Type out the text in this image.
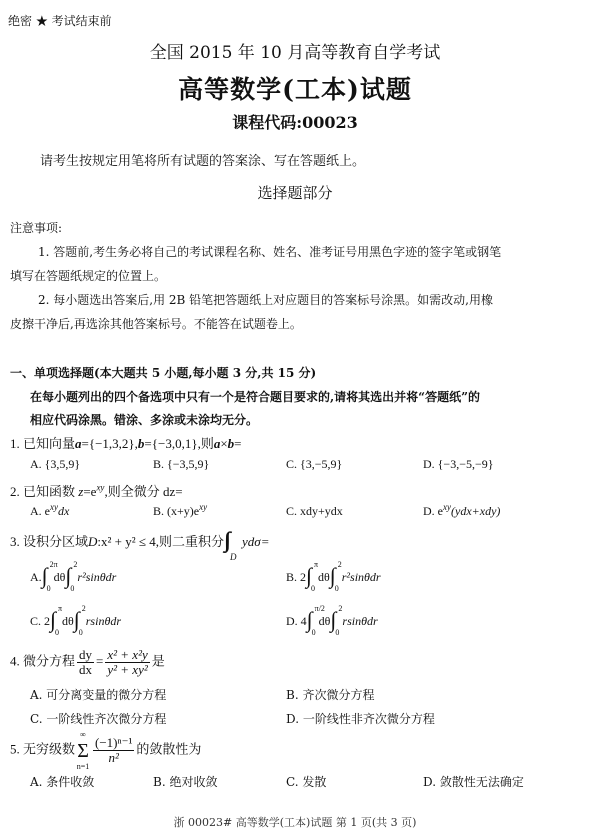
绝密 ★ 考试结束前
全国 2015 年 10 月高等教育自学考试
高等数学(工本)试题
课程代码:00023
请考生按规定用笔将所有试题的答案涂、写在答题纸上。
选择题部分
注意事项:
1. 答题前,考生务必将自己的考试课程名称、姓名、准考证号用黑色字迹的签字笔或钢笔
填写在答题纸规定的位置上。
2. 每小题选出答案后,用 2B 铅笔把答题纸上对应题目的答案标号涂黑。如需改动,用橡
皮擦干净后,再选涂其他答案标号。不能答在试题卷上。
一、单项选择题(本大题共 5 小题,每小题 3 分,共 15 分)
在每小题列出的四个备选项中只有一个是符合题目要求的,请将其选出并将“答题纸”的
相应代码涂黑。错涂、多涂或未涂均无分。
1. 已知向量a={−1,3,2},b={−3,0,1},则a×b=
A. {3,5,9}	B. {−3,5,9}	C. {3,−5,9}	D. {−3,−5,−9}
2. 已知函数 $z=e^{xy}$,则全微分 dz=
A. $e^{xy}dx$	B. $(x+y)e^{xy}$	C. xdy+ydx	D. $e^{xy}(ydx+xdy)$
3. 设积分区域D:x² + y² ≤ 4,则二重积分 ∫∫
D
ydσ=
A. ∫ 2π
0
dθ ∫ 2
0
r²sinθdr	B. 2 ∫ π
0
dθ ∫ 2
0
r²sinθdr
C. 2 ∫ π
0
dθ ∫ 2
0
rsinθdr	D. 4 ∫ π/2
0
dθ ∫ 2
0
rsinθdr
4. 微分方程 $\frac{dy}{dx} = \frac{\text{x² + x²y}}{\text{y² + xy²}}$ 是
A. 可分离变量的微分方程	B. 齐次微分方程
C. 一阶线性齐次微分方程	D. 一阶线性非齐次微分方程
5. 无穷级数
∞
Σ
n=1
$\frac{\text{(−1)ⁿ⁻¹}}{\text{n²}}$ 的敛散性为
A. 条件收敛	B. 绝对收敛	C. 发散	D. 敛散性无法确定
浙 00023# 高等数学(工本)试题 第 1 页(共 3 页)
